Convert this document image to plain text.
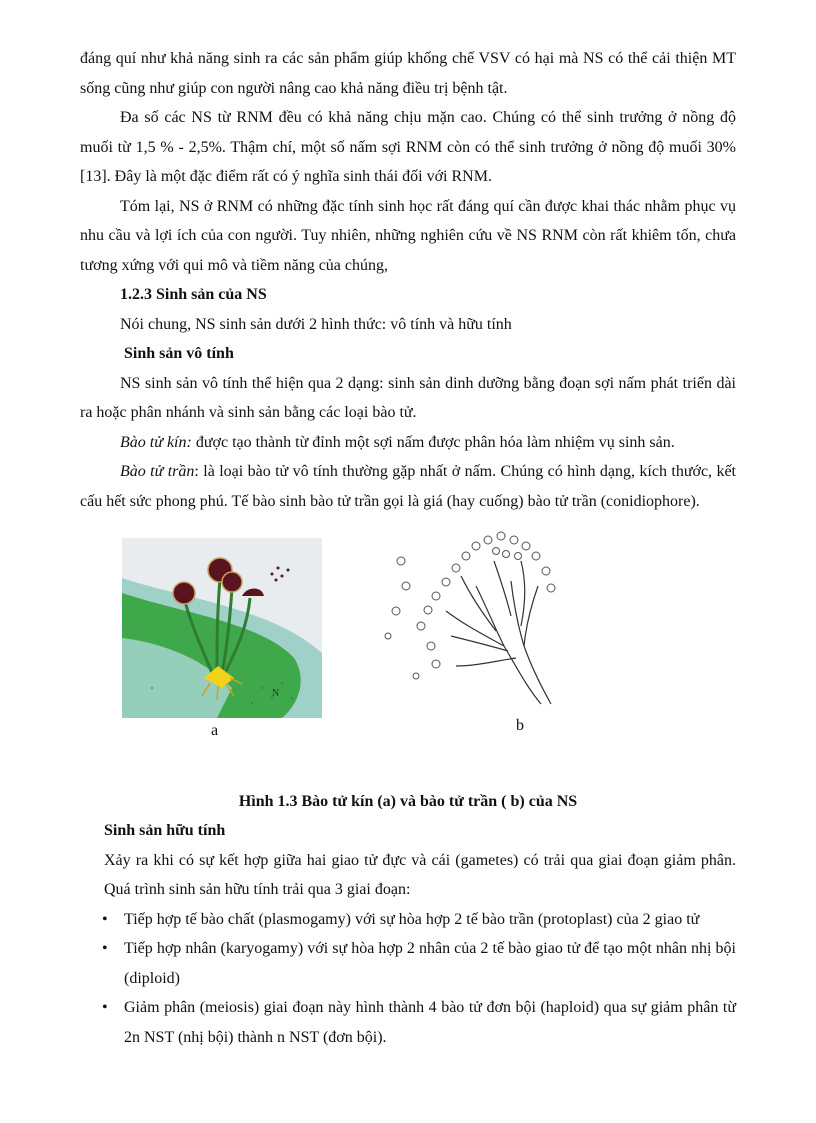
đáng quí như khả năng sinh ra các sản phẩm giúp khống chế VSV có hại mà NS có thể cải thiện MT sống cũng như giúp con người nâng cao khả năng điều trị bệnh tật.

Đa số các NS từ RNM đều có khả năng chịu mặn cao. Chúng có thể sinh trưởng ở nồng độ muối từ 1,5 % - 2,5%. Thậm chí, một số nấm sợi RNM còn có thể sinh trưởng ở nồng độ muối 30% [13]. Đây là một đặc điểm rất có ý nghĩa sinh thái đối với RNM.

Tóm lại, NS ở RNM có những đặc tính sinh học rất đáng quí cần được khai thác nhằm phục vụ nhu cầu và lợi ích của con người. Tuy nhiên, những nghiên cứu về NS RNM còn rất khiêm tốn, chưa tương xứng với qui mô và tiềm năng của chúng,

1.2.3 Sinh sản của NS

Nói chung, NS sinh sản dưới 2 hình thức: vô tính và hữu tính

Sinh sản vô tính

NS sinh sản vô tính thể hiện qua 2 dạng: sinh sản dinh dưỡng bằng đoạn sợi nấm phát triển dài ra hoặc phân nhánh và sinh sản bằng các loại bào tử.

Bào tử kín: được tạo thành từ đỉnh một sợi nấm được phân hóa làm nhiệm vụ sinh sản.

Bào tử trần: là loại bào tử vô tính thường gặp nhất ở nấm. Chúng có hình dạng, kích thước, kết cấu hết sức phong phú. Tế bào sinh bào tử trần gọi là giá (hay cuống) bào tử trần (conidiophore).

N
a	b

Hình 1.3 Bào tử kín (a) và bào tử trần ( b) của NS

Sinh sản hữu tính

Xảy ra khi có sự kết hợp giữa hai giao tử đực và cái (gametes) có trải qua giai đoạn giảm phân. Quá trình sinh sản hữu tính trải qua 3 giai đoạn:

• Tiếp hợp tế bào chất (plasmogamy) với sự hòa hợp 2 tế bào trần (protoplast) của 2 giao tử
• Tiếp hợp nhân (karyogamy) với sự hòa hợp 2 nhân của 2 tế bào giao tử để tạo một nhân nhị bội (diploid)
• Giảm phân (meiosis) giai đoạn này hình thành 4 bào tử đơn bội (haploid) qua sự giảm phân từ 2n NST (nhị bội) thành n NST (đơn bội).
